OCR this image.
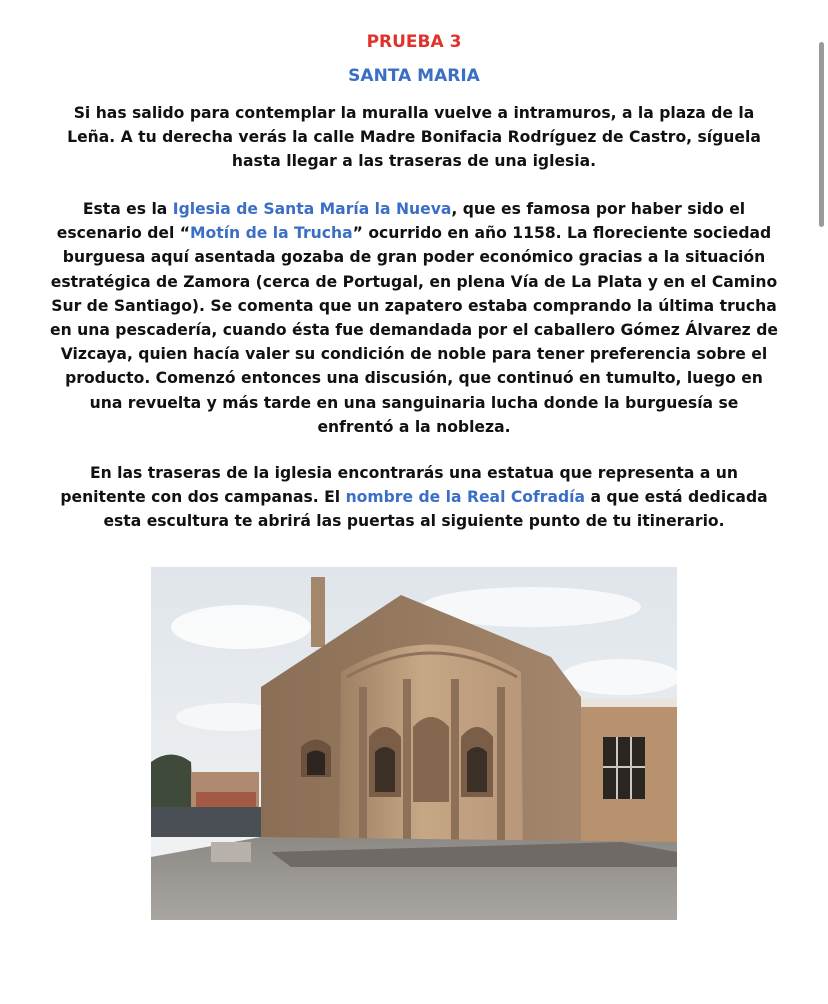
PRUEBA 3
SANTA MARIA
Si has salido para contemplar la muralla vuelve a intramuros, a la plaza de la Leña. A tu derecha verás la calle Madre Bonifacia Rodríguez de Castro, síguela hasta llegar a las traseras de una iglesia.
Esta es la Iglesia de Santa María la Nueva, que es famosa por haber sido el escenario del “Motín de la Trucha” ocurrido en año 1158. La floreciente sociedad burguesa aquí asentada gozaba de gran poder económico gracias a la situación estratégica de Zamora (cerca de Portugal, en plena Vía de La Plata y en el Camino Sur de Santiago). Se comenta que un zapatero estaba comprando la última trucha en una pescadería, cuando ésta fue demandada por el caballero Gómez Álvarez de Vizcaya, quien hacía valer su condición de noble para tener preferencia sobre el producto. Comenzó entonces una discusión, que continuó en tumulto, luego en una revuelta y más tarde en una sanguinaria lucha donde la burguesía se enfrentó a la nobleza.
En las traseras de la iglesia encontrarás una estatua que representa a un penitente con dos campanas. El nombre de la Real Cofradía a que está dedicada esta escultura te abrirá las puertas al siguiente punto de tu itinerario.
